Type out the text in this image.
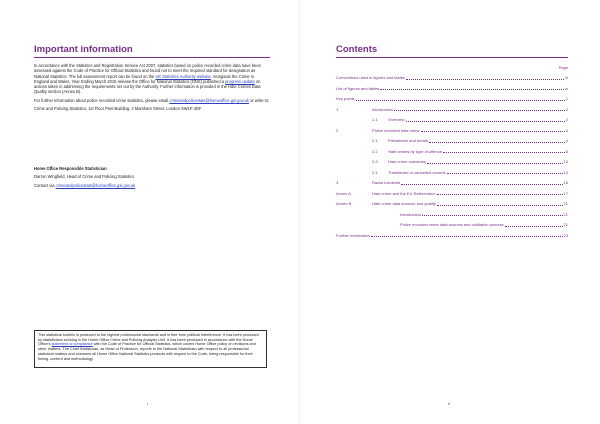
Important information

In accordance with the Statistics and Registration Service Act 2007, statistics based on police recorded crime data have been assessed against the Code of Practice for Official Statistics and found not to meet the required standard for designation as National Statistics. The full assessment report can be found on the UK Statistics Authority website. Alongside the Crime in England and Wales, Year Ending March 2015 release the Office for National Statistics (ONS) published a progress update on actions taken in addressing the requirements set out by the Authority. Further information is provided in the Hate Crimes Data Quality section (Annex B).

For further information about police recorded crime statistics, please email crimeandpolicestats@homeoffice.gsi.gov.uk or write to:

Crime and Policing Statistics, 1st Floor Peel Building, 2 Marsham Street, London SW1P 4DF

Home Office Responsible Statistician

Darron Wingfield, Head of Crime and Policing Statistics

Contact via crimeandpolicestats@homeoffice.gsi.gov.uk

This statistical bulletin is produced to the highest professional standards and is free from political interference. It has been produced by statisticians working in the Home Office Crime and Policing Analysis Unit. It has been produced in accordance with the Home Office's statement of compliance with the Code of Practice for Official Statistics, which covers Home Office policy on revisions and other matters. The Chief Statistician, as Head of Profession, reports to the National Statistician with respect to all professional statistical matters and oversees all Home Office National Statistics products with respect to the Code, being responsible for their timing, content and methodology.
i
Contents
Page
Conventions used in figures and tables	iii
List of figures and tables	iv
Key points	1
1	Introduction	2
1.1	Overview	2
2	Police recorded hate crime	4
2.1	Prevalence and trends	4
2.2	Hate crimes by type of offence	6
2.3	Hate crime outcomes	10
2.4	Transferred or cancelled records	14
3	Racist Incidents	16
Annex A	Hate crime and the EU Referendum	17
Annex B	Hate crime data sources and quality	21
Introduction	21
Police recorded crime data sources and validation process	21
Further Information	23
ii
